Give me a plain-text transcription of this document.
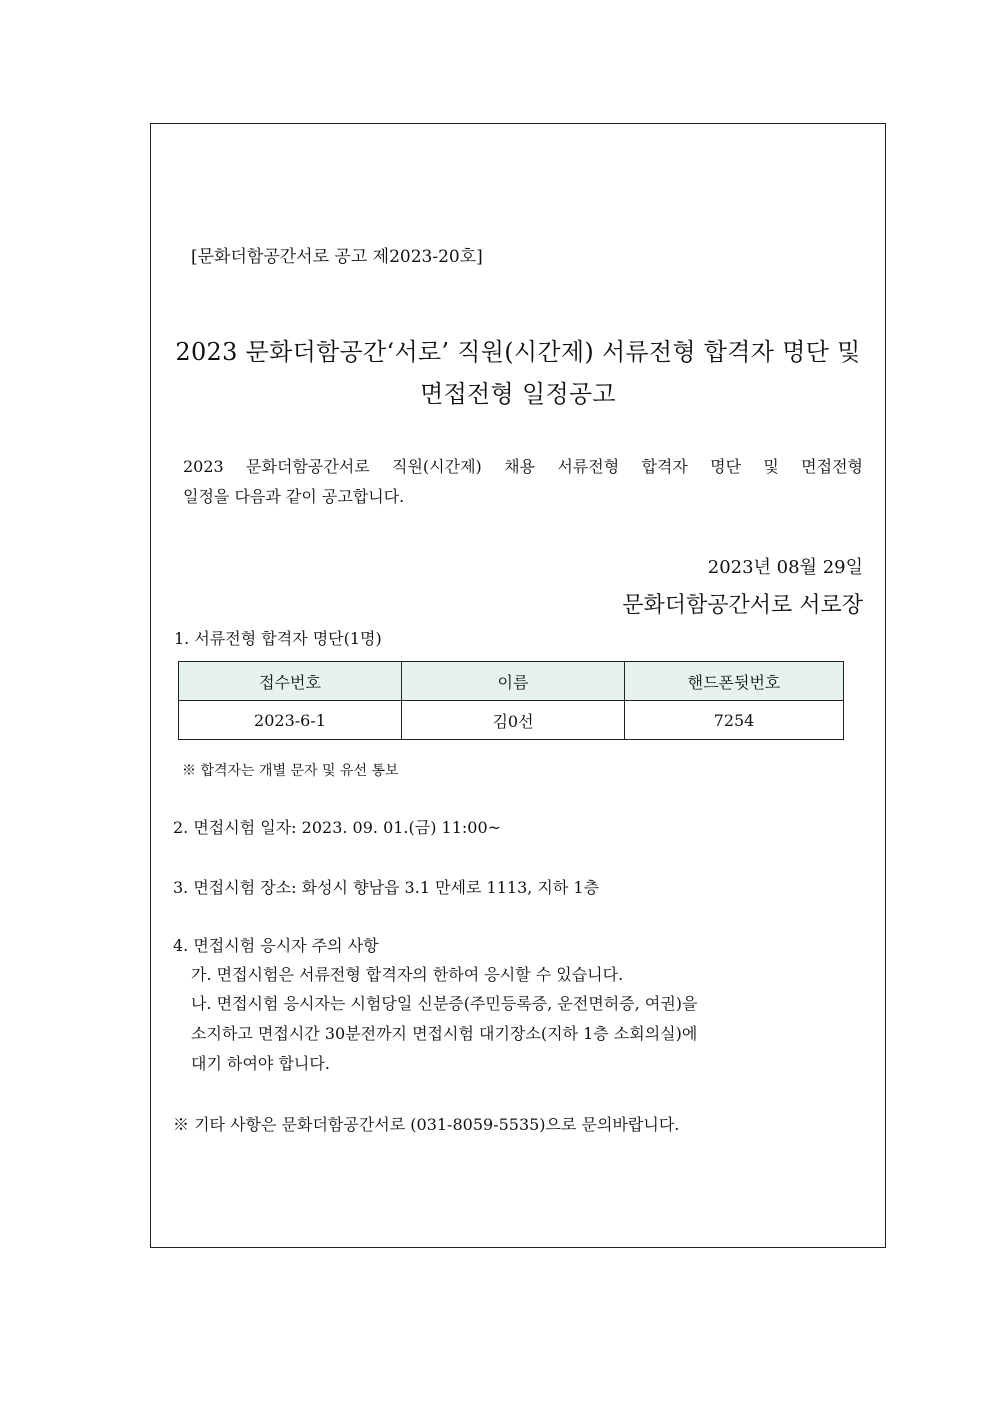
[문화더함공간서로 공고 제2023-20호]
2023 문화더함공간‘서로’ 직원(시간제) 서류전형 합격자 명단 및
면접전형 일정공고
2023 문화더함공간서로 직원(시간제) 채용 서류전형 합격자 명단 및 면접전형
일정을 다음과 같이 공고합니다.
2023년 08월 29일
문화더함공간서로 서로장
1. 서류전형 합격자 명단(1명)
접수번호	이름	핸드폰뒷번호
2023-6-1	김0선	7254
※ 합격자는 개별 문자 및 유선 통보
2. 면접시험 일자: 2023. 09. 01.(금) 11:00~
3. 면접시험 장소: 화성시 향남읍 3.1 만세로 1113, 지하 1층
4. 면접시험 응시자 주의 사항
가. 면접시험은 서류전형 합격자의 한하여 응시할 수 있습니다.
나. 면접시험 응시자는 시험당일 신분증(주민등록증, 운전면허증, 여권)을
소지하고 면접시간 30분전까지 면접시험 대기장소(지하 1층 소회의실)에
대기 하여야 합니다.
※ 기타 사항은 문화더함공간서로 (031-8059-5535)으로 문의바랍니다.
